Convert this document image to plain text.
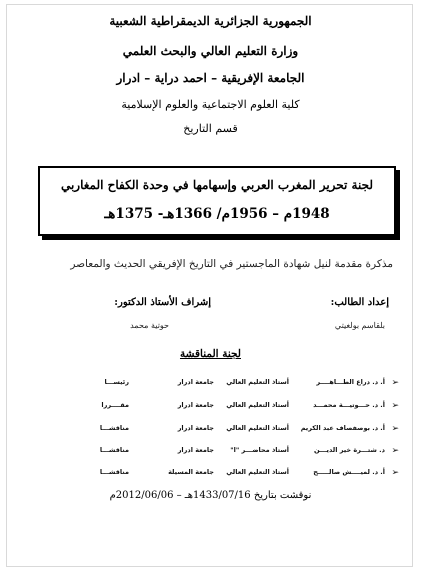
الجمهورية الجزائرية الديمقراطية الشعبية
وزارة التعليم العالي والبحث العلمي
الجامعة الإفريقية – احمد دراية – ادرار
كلية العلوم الاجتماعية والعلوم الإسلامية
قسم التاريخ
لجنة تحرير المغرب العربي وإسهامها في وحدة الكفاح المغاربي
1948م – 1956م/ 1366هـ- 1375هـ
مذكرة مقدمة لنيل شهادة الماجستير في التاريخ الإفريقي الحديث والمعاصر
إعداد الطالب:
بلقاسم بولغيتي
إشراف الأستاذ الدكتور:
حوتية محمد
لجنة المناقشة
➢
أ. د. دراع الطـــاهــــر
أستاذ التعليم العالي
جامعة ادرار
رئيســـا
➢
أ. د. حـــوتيـــة محمـــد
أستاذ التعليم العالي
جامعة ادرار
مقــــررا
➢
أ. د. بوصفصاف عبد الكريم
أستاذ التعليم العالي
جامعة ادرار
مناقشـــا
➢
د. شتـــرة خير الديـــن
أستاذ محاضـــر "ا"
جامعة ادرار
مناقشـــا
➢
أ. د. لميــــش صالـــــح
أستاذ التعليم العالي
جامعة المسيلة
مناقشـــا
نوقشت بتاريخ 1433/07/16هـ – 2012/06/06م
